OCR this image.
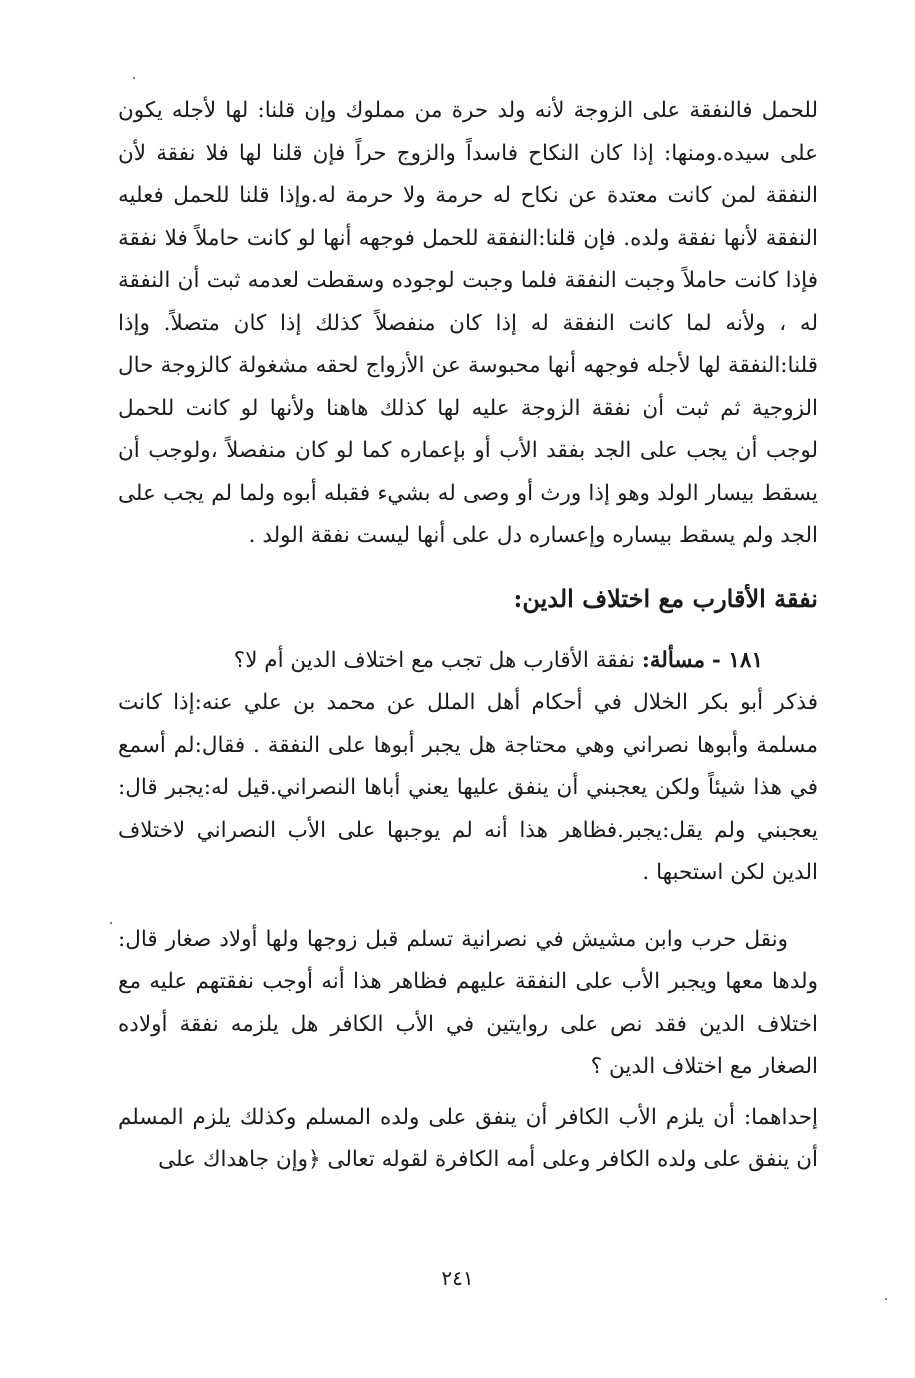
للحمل فالنفقة على الزوجة لأنه ولد حرة من مملوك وإن قلنا: لها لأجله يكون على سيده.ومنها: إذا كان النكاح فاسداً والزوج حراً فإن قلنا لها فلا نفقة لأن النفقة لمن كانت معتدة عن نكاح له حرمة ولا حرمة له.وإذا قلنا للحمل فعليه النفقة لأنها نفقة ولده. فإن قلنا:النفقة للحمل فوجهه أنها لو كانت حاملاً فلا نفقة فإذا كانت حاملاً وجبت النفقة فلما وجبت لوجوده وسقطت لعدمه ثبت أن النفقة له ، ولأنه لما كانت النفقة له إذا كان منفصلاً كذلك إذا كان متصلاً. وإذا قلنا:النفقة لها لأجله فوجهه أنها محبوسة عن الأزواج لحقه مشغولة كالزوجة حال الزوجية ثم ثبت أن نفقة الزوجة عليه لها كذلك هاهنا ولأنها لو كانت للحمل لوجب أن يجب على الجد بفقد الأب أو بإعماره كما لو كان منفصلاً ،ولوجب أن يسقط بيسار الولد وهو إذا ورث أو وصى له بشيء فقبله أبوه ولما لم يجب على الجد ولم يسقط بيساره وإعساره دل على أنها ليست نفقة الولد .

نفقة الأقارب مع اختلاف الدين:

١٨١ - مسألة: نفقة الأقارب هل تجب مع اختلاف الدين أم لا؟

فذكر أبو بكر الخلال في أحكام أهل الملل عن محمد بن علي عنه:إذا كانت مسلمة وأبوها نصراني وهي محتاجة هل يجبر أبوها على النفقة . فقال:لم أسمع في هذا شيئاً ولكن يعجبني أن ينفق عليها يعني أباها النصراني.قيل له:يجبر قال: يعجبني ولم يقل:يجبر.فظاهر هذا أنه لم يوجبها على الأب النصراني لاختلاف الدين لكن استحبها .

ونقل حرب وابن مشيش في نصرانية تسلم قبل زوجها ولها أولاد صغار قال: ولدها معها ويجبر الأب على النفقة عليهم فظاهر هذا أنه أوجب نفقتهم عليه مع اختلاف الدين فقد نص على روايتين في الأب الكافر هل يلزمه نفقة أولاده الصغار مع اختلاف الدين ؟

إحداهما: أن يلزم الأب الكافر أن ينفق على ولده المسلم وكذلك يلزم المسلم أن ينفق على ولده الكافر وعلى أمه الكافرة لقوله تعالى ﴿وإن جاهداك على

٢٤١
